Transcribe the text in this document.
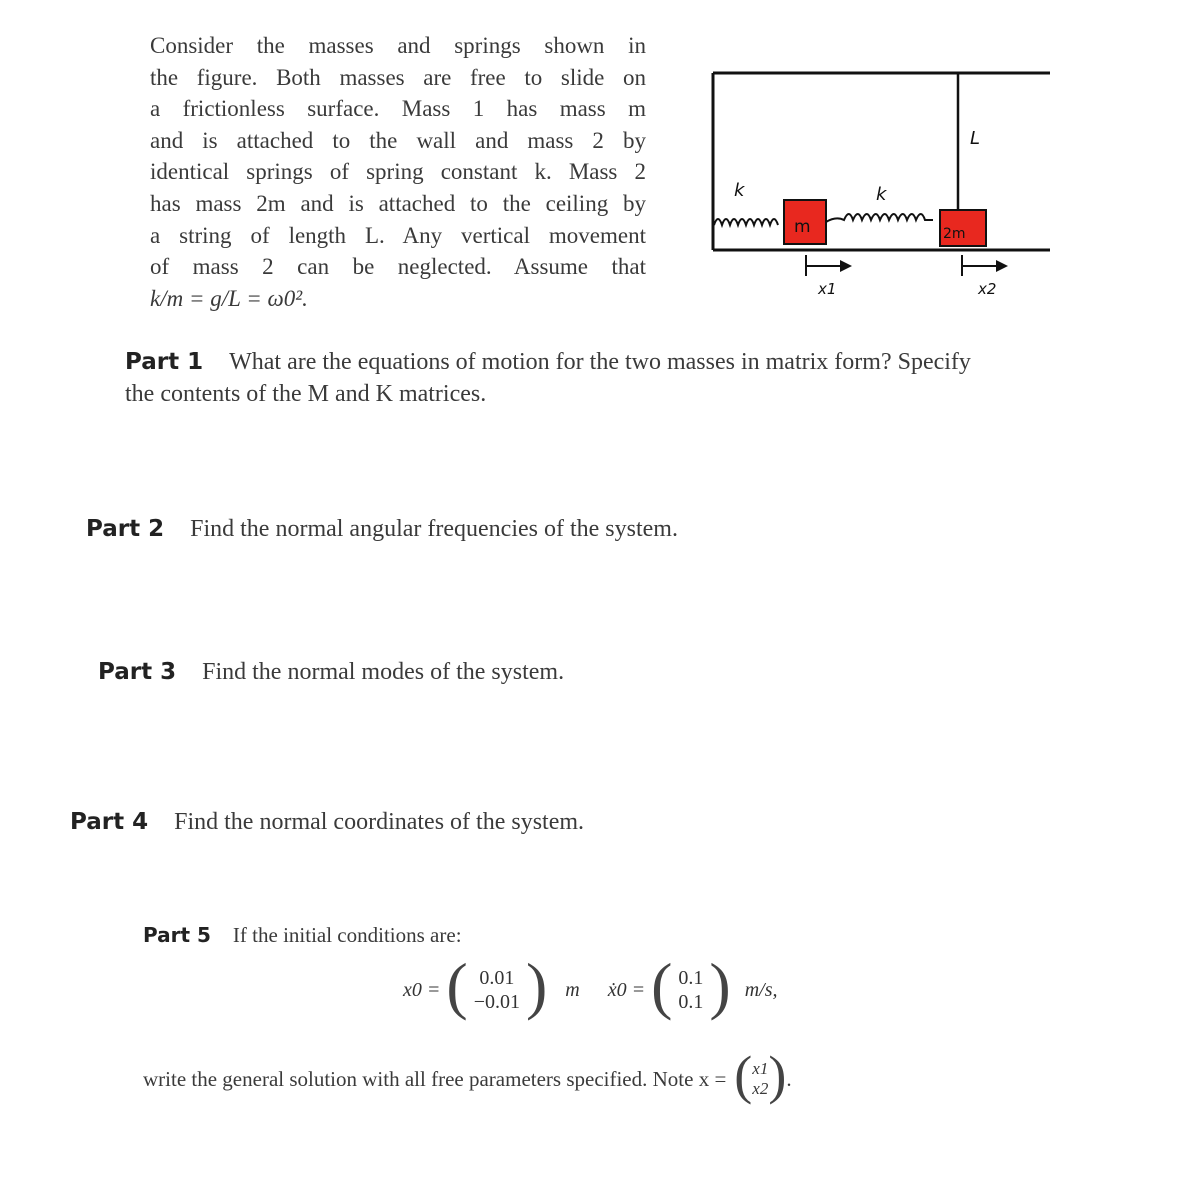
Consider the masses and springs shown in
the figure. Both masses are free to slide on
a frictionless surface. Mass 1 has mass m
and is attached to the wall and mass 2 by
identical springs of spring constant k. Mass 2
has mass 2m and is attached to the ceiling by
a string of length L. Any vertical movement
of mass 2 can be neglected. Assume that
k/m = g/L = ω0².
k	k
m	2m
L
x1	x2
Part 1 What are the equations of motion for the two masses in matrix form? Specify
the contents of the M and K matrices.
Part 2 Find the normal angular frequencies of the system.
Part 3 Find the normal modes of the system.
Part 4 Find the normal coordinates of the system.
Part 5 If the initial conditions are:
x0 = ( 0.01
−0.01 ) m ẋ0 = ( 0.1
0.1 ) m/s,
write the general solution with all free parameters specified. Note x = ( x1
x2 ) .
